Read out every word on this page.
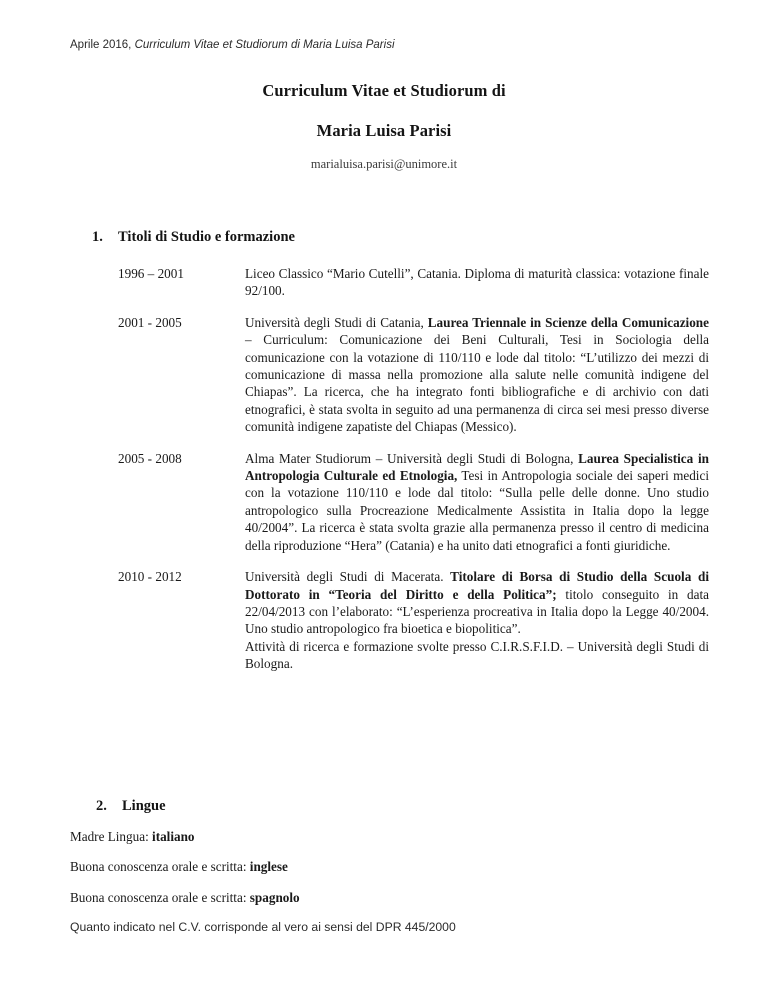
Aprile 2016, Curriculum Vitae et Studiorum di Maria Luisa Parisi
Curriculum Vitae et Studiorum di
Maria Luisa Parisi
marialuisa.parisi@unimore.it
1. Titoli di Studio e formazione
1996 – 2001	Liceo Classico “Mario Cutelli”, Catania. Diploma di maturità classica: votazione finale 92/100.

2001 - 2005	Università degli Studi di Catania, Laurea Triennale in Scienze della Comunicazione – Curriculum: Comunicazione dei Beni Culturali, Tesi in Sociologia della comunicazione con la votazione di 110/110 e lode dal titolo: “L’utilizzo dei mezzi di comunicazione di massa nella promozione alla salute nelle comunità indigene del Chiapas”. La ricerca, che ha integrato fonti bibliografiche e di archivio con dati etnografici, è stata svolta in seguito ad una permanenza di circa sei mesi presso diverse comunità indigene zapatiste del Chiapas (Messico).

2005 - 2008	Alma Mater Studiorum – Università degli Studi di Bologna, Laurea Specialistica in Antropologia Culturale ed Etnologia, Tesi in Antropologia sociale dei saperi medici con la votazione 110/110 e lode dal titolo: “Sulla pelle delle donne. Uno studio antropologico sulla Procreazione Medicalmente Assistita in Italia dopo la legge 40/2004”. La ricerca è stata svolta grazie alla permanenza presso il centro di medicina della riproduzione “Hera” (Catania) e ha unito dati etnografici a fonti giuridiche.

2010 - 2012	Università degli Studi di Macerata. Titolare di Borsa di Studio della Scuola di Dottorato in “Teoria del Diritto e della Politica”; titolo conseguito in data 22/04/2013 con l’elaborato: “L’esperienza procreativa in Italia dopo la Legge 40/2004. Uno studio antropologico fra bioetica e biopolitica”.

Attività di ricerca e formazione svolte presso C.I.R.S.F.I.D. – Università degli Studi di Bologna.

2. Lingue
Madre Lingua: italiano
Buona conoscenza orale e scritta: inglese
Buona conoscenza orale e scritta: spagnolo
Quanto indicato nel C.V. corrisponde al vero ai sensi del DPR 445/2000
